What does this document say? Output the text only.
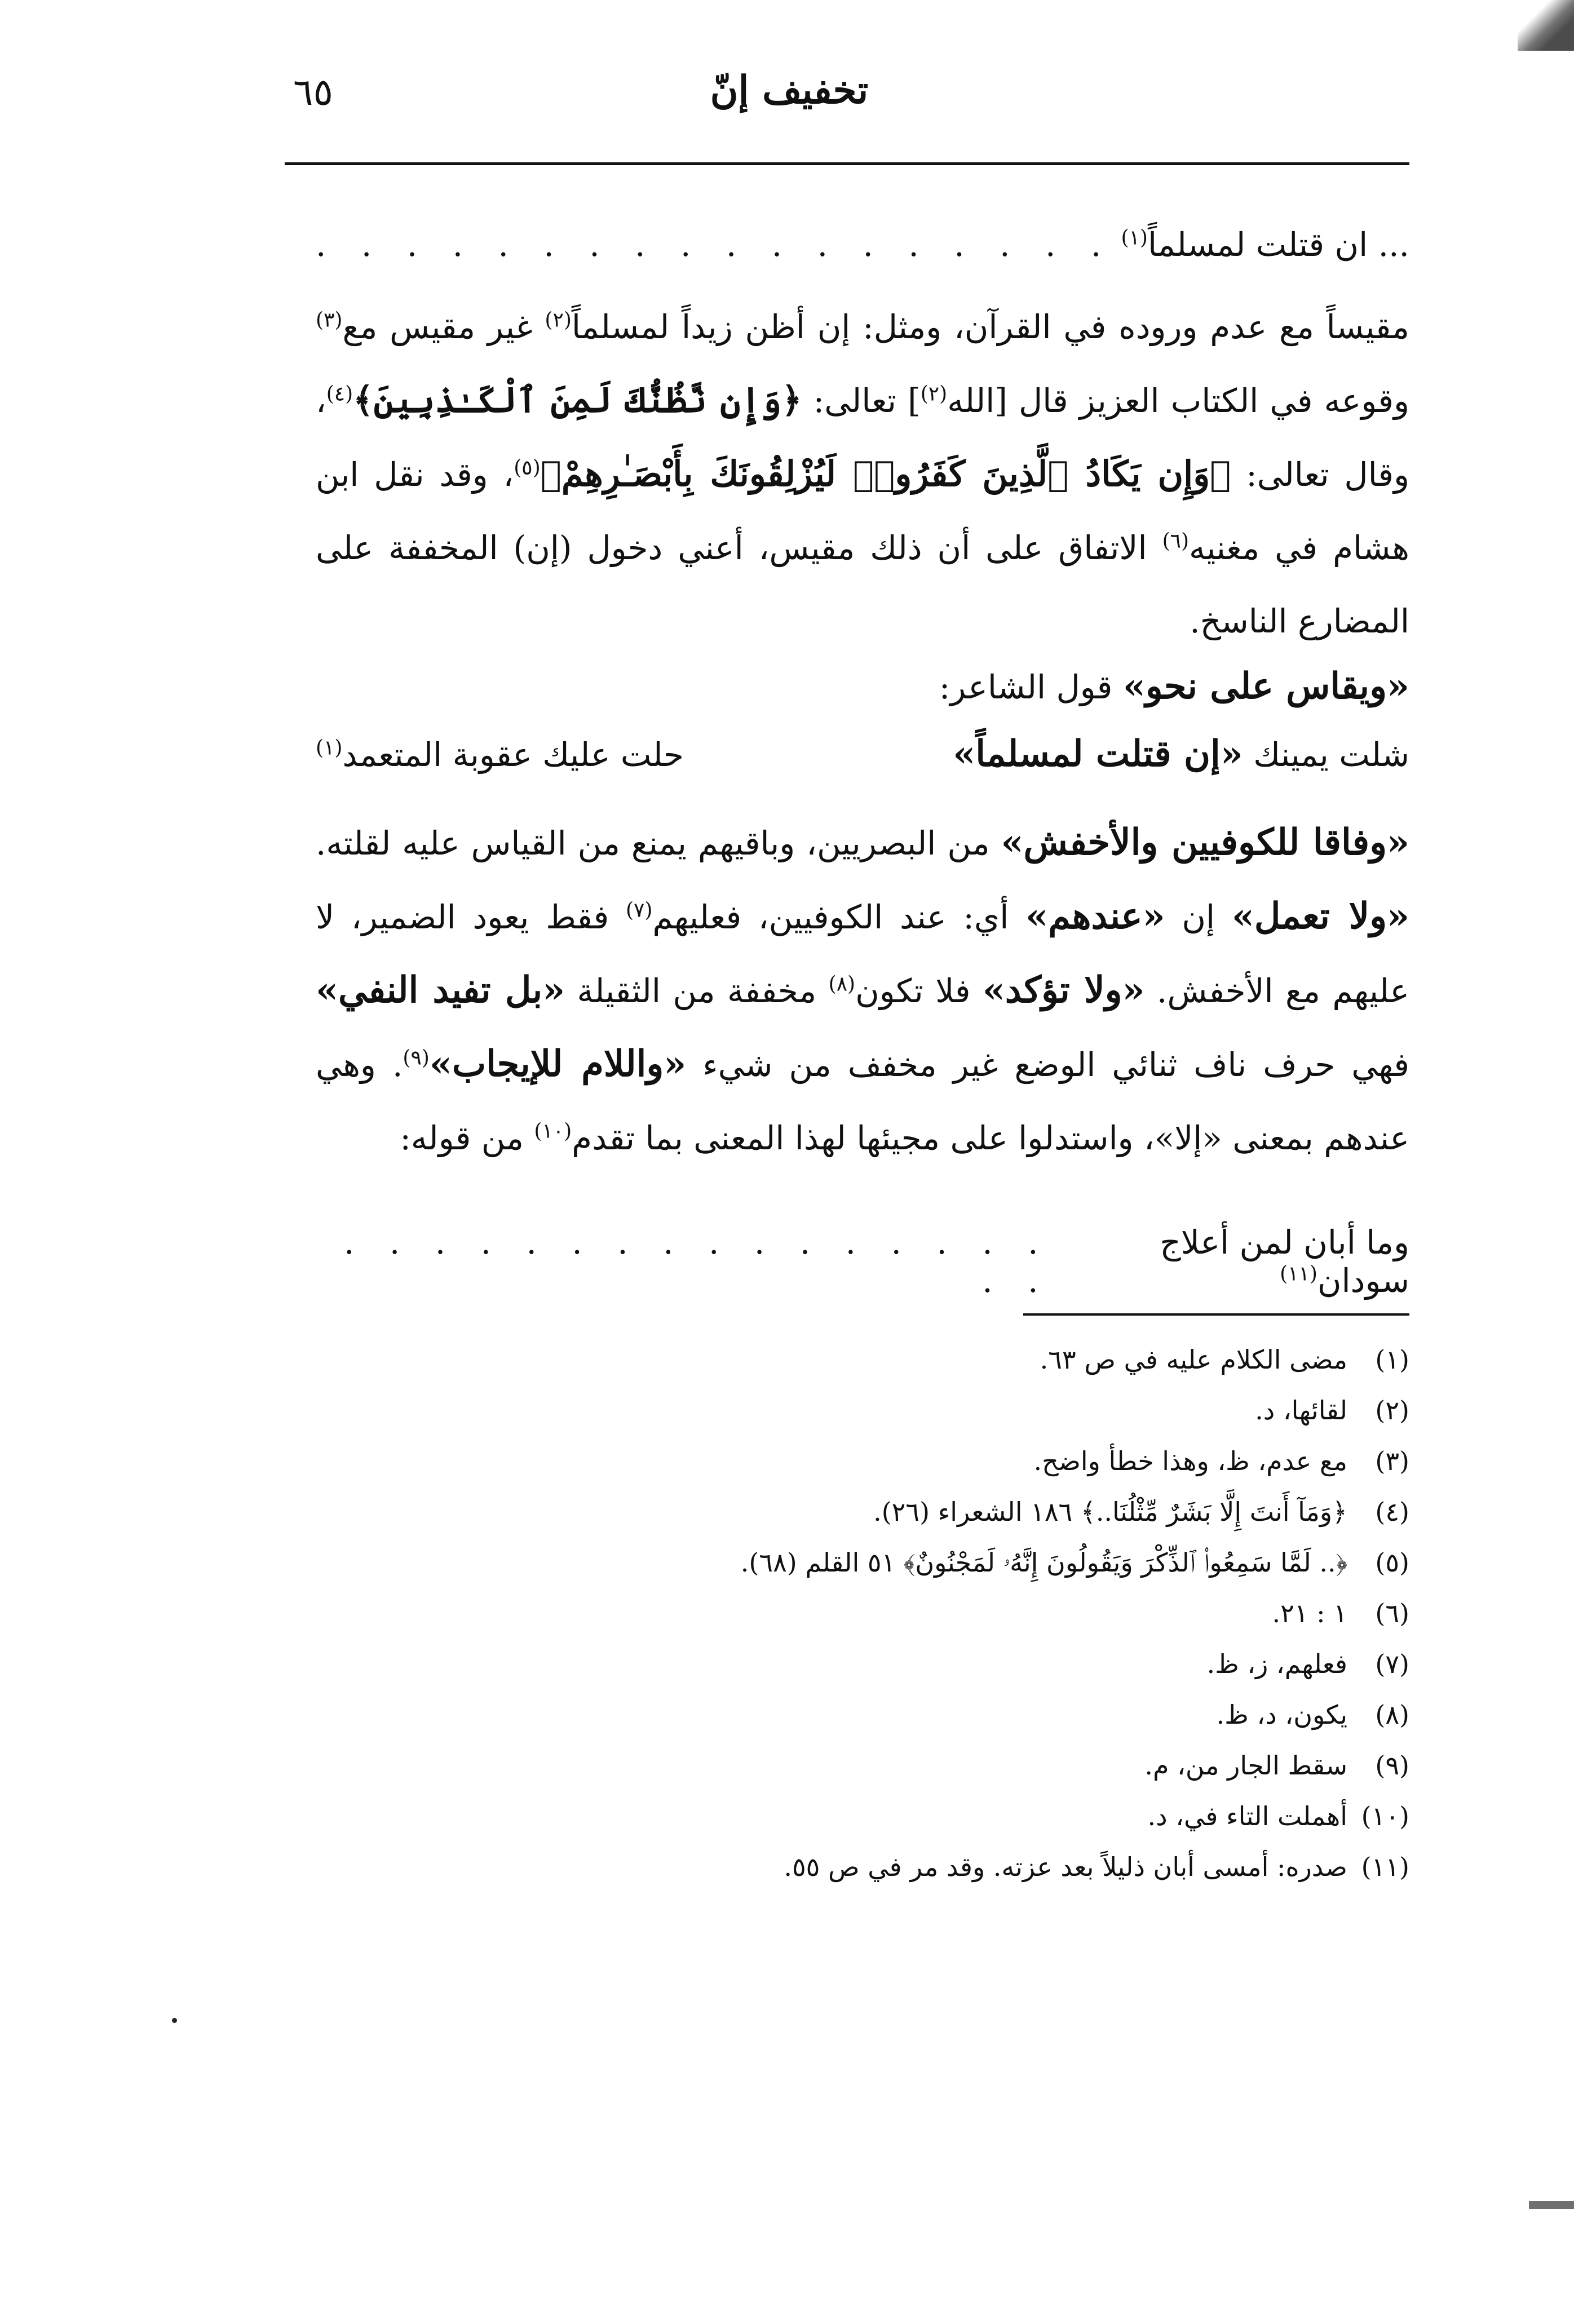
تخفيف إنّ
٦٥
... ان قتلت لمسلماً$^{(١)}$
. . . . . . . . . . . . . . . . . .
مقيساً مع عدم وروده في القرآن، ومثل: إن أظن زيداً لمسلماً$^{(٢)}$ غير مقيس مع$^{(٣)}$ وقوعه في الكتاب العزيز قال [الله$^{(٢)}$] تعالى: ﴿وَإِن نَّظُنُّكَ لَمِنَ ٱلْكَـٰذِبِينَ﴾$^{(٤)}$، وقال تعالى: ﴿وَإِن يَكَادُ ٱلَّذِينَ كَفَرُوا۟ لَيُزْلِقُونَكَ بِأَبْصَـٰرِهِمْ﴾$^{(٥)}$، وقد نقل ابن هشام في مغنيه$^{(٦)}$ الاتفاق على أن ذلك مقيس، أعني دخول (إن) المخففة على المضارع الناسخ.
«ويقاس على نحو» قول الشاعر:
شلت يمينك «إن قتلت لمسلماً»
حلت عليك عقوبة المتعمد$^{(١)}$
«وفاقا للكوفيين والأخفش» من البصريين، وباقيهم يمنع من القياس عليه لقلته. «ولا تعمل» إن «عندهم» أي: عند الكوفيين، فعليهم$^{(٧)}$ فقط يعود الضمير، لا عليهم مع الأخفش. «ولا تؤكد» فلا تكون$^{(٨)}$ مخففة من الثقيلة «بل تفيد النفي» فهي حرف ناف ثنائي الوضع غير مخفف من شيء «واللام للإيجاب»$^{(٩)}$. وهي عندهم بمعنى «إلا»، واستدلوا على مجيئها لهذا المعنى بما تقدم$^{(١٠)}$ من قوله:
وما أبان لمن أعلاج سودان$^{(١١)}$
. . . . . . . . . . . . . . . . . .
(١)
مضى الكلام عليه في ص ٦٣.
(٢)
لقائها، د.
(٣)
مع عدم، ظ، وهذا خطأ واضح.
(٤)
﴿وَمَآ أَنتَ إِلَّا بَشَرٌ مِّثْلُنَا..﴾ ١٨٦ الشعراء (٢٦).
(٥)
﴿.. لَمَّا سَمِعُوا۟ ٱلذِّكْرَ وَيَقُولُونَ إِنَّهُۥ لَمَجْنُونٌ﴾ ٥١ القلم (٦٨).
(٦)
١ : ٢١.
(٧)
فعلهم، ز، ظ.
(٨)
يكون، د، ظ.
(٩)
سقط الجار من، م.
(١٠)
أهملت التاء في، د.
(١١)
صدره: أمسى أبان ذليلاً بعد عزته. وقد مر في ص ٥٥.
